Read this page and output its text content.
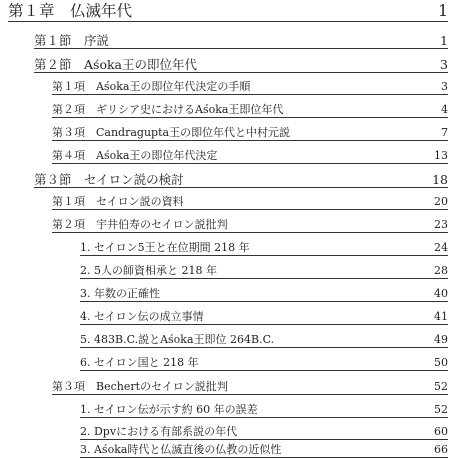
第１章　仏滅年代	1
第１節　序説	1
第２節　Aśoka王の即位年代	3
第１項　Aśoka王の即位年代決定の手順	3
第２項　ギリシア史におけるAśoka王即位年代	4
第３項　Candragupta王の即位年代と中村元説	7
第４項　Aśoka王の即位年代決定	13
第３節　セイロン説の検討	18
第１項　セイロン説の資料	20
第２項　宇井伯寿のセイロン説批判	23
1. セイロン5王と在位期間 218 年	24
2. 5人の師資相承と 218 年	28
3. 年数の正確性	40
4. セイロン伝の成立事情	41
5. 483B.C.説とAśoka王即位 264B.C.	49
6. セイロン国と 218 年	50
第３項　Bechertのセイロン説批判	52
1. セイロン伝が示す約 60 年の誤差	52
2. Dpvにおける有部系説の年代	60
3. Aśoka時代と仏滅直後の仏教の近似性	66
